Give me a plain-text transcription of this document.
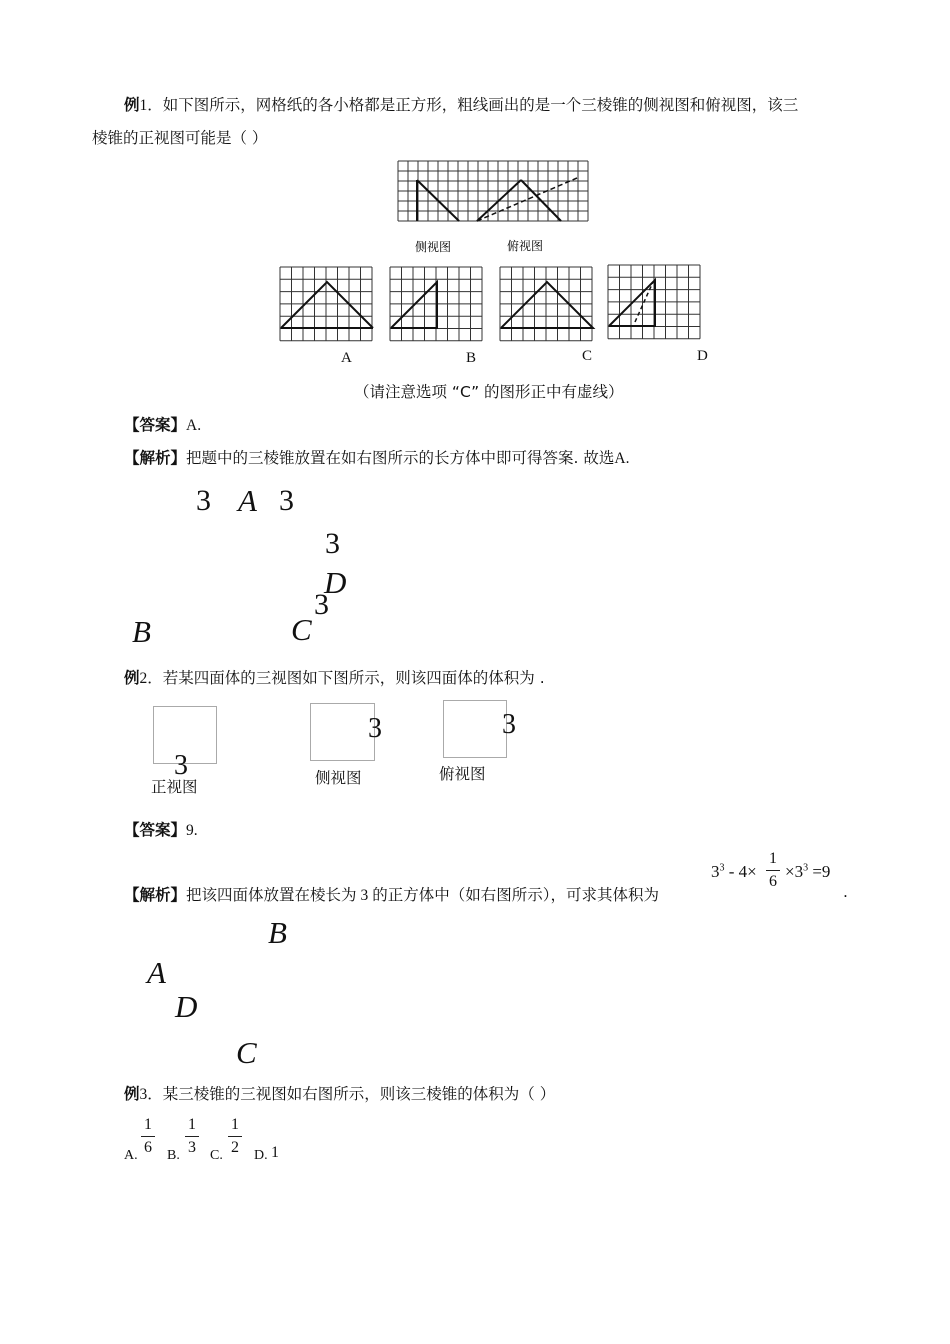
例1．如下图所示，网格纸的各小格都是正方形，粗线画出的是一个三棱锥的侧视图和俯视图，该三
棱锥的正视图可能是（ ）
侧视图	俯视图
A	B	C	D
（请注意选项 “C” 的图形正中有虚线）
【答案】A.
【解析】把题中的三棱锥放置在如右图所示的长方体中即可得答案. 故选A.
3 A 3
3
D
3
B	C
例2．若某四面体的三视图如下图所示，则该四面体的体积为 .
3
3	3
正视图	侧视图	俯视图
【答案】9.
【解析】把该四面体放置在棱长为 3 的正方体中（如右图所示），可求其体积为
$3^3 - 4\times$
1
6
$\times 3^3 =9$
.
B
A
D
C
例3．某三棱锥的三视图如右图所示，则该三棱锥的体积为（ ）
A.
1
6 B.
1
3 C.
1
2 D. 1
